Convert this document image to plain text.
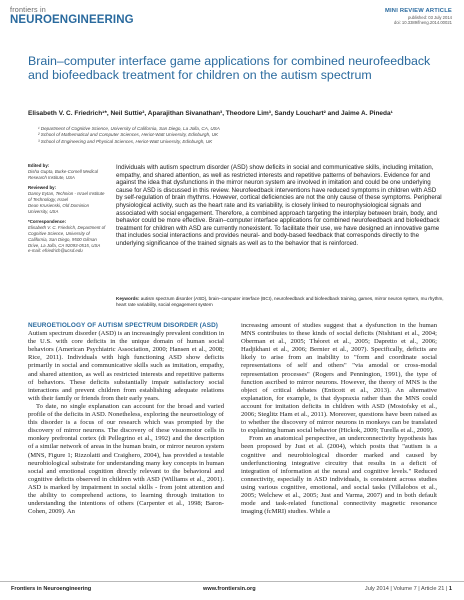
frontiers in
NEUROENGINEERING
MINI REVIEW ARTICLE
published: 03 July 2014
doi: 10.3389/fneng.2014.00021
Brain–computer interface game applications for combined neurofeedback and biofeedback treatment for children on the autism spectrum
Elisabeth V. C. Friedrich¹*, Neil Suttie², Aparajithan Sivanathan³, Theodore Lim³, Sandy Louchart² and Jaime A. Pineda¹
¹ Department of Cognitive Science, University of California, San Diego, La Jolla, CA, USA
² School of Mathematical and Computer Sciences, Heriot-Watt University, Edinburgh, UK
³ School of Engineering and Physical Sciences, Heriot-Watt University, Edinburgh, UK
Edited by:
Disha Gupta, Burke-Cornell Medical Research Institute, USA
Reviewed by:
Danny Eytan, Technion - Israel Institute of Technology, Israel
Dean Krusienski, Old Dominion University, USA
*Correspondence:
Elisabeth V. C. Friedrich, Department of Cognitive Science, University of California, San Diego, 9500 Gilman Drive, La Jolla, CA 92093-0515, USA
e-mail: efriedrich@ucsd.edu

Individuals with autism spectrum disorder (ASD) show deficits in social and communicative skills, including imitation, empathy, and shared attention, as well as restricted interests and repetitive patterns of behaviors. Evidence for and against the idea that dysfunctions in the mirror neuron system are involved in imitation and could be one underlying cause for ASD is discussed in this review. Neurofeedback interventions have reduced symptoms in children with ASD by self-regulation of brain rhythms. However, cortical deficiencies are not the only cause of these symptoms. Peripheral physiological activity, such as the heart rate and its variability, is closely linked to neurophysiological signals and associated with social engagement. Therefore, a combined approach targeting the interplay between brain, body, and behavior could be more effective. Brain–computer interface applications for combined neurofeedback and biofeedback treatment for children with ASD are currently nonexistent. To facilitate their use, we have designed an innovative game that includes social interactions and provides neural- and body-based feedback that corresponds directly to the underlying significance of the trained signals as well as to the behavior that is reinforced.

Keywords: autism spectrum disorder (ASD), brain–computer interface (BCI), neurofeedback and biofeedback training, games, mirror neuron system, mu rhythm, heart rate variability, social engagement system
NEUROETIOLOGY OF AUTISM SPECTRUM DISORDER (ASD)

Autism spectrum disorder (ASD) is an increasingly prevalent condition in the U.S. with core deficits in the unique domain of human social behaviors (American Psychiatric Association, 2000; Hansen et al., 2008; Rice, 2011). Individuals with high functioning ASD show deficits primarily in social and communicative skills such as imitation, empathy, and shared attention, as well as restricted interests and repetitive patterns of behaviors. These deficits substantially impair satisfactory social interactions and prevent children from establishing adequate relations with their family or friends from their early years.

To date, no single explanation can account for the broad and varied profile of the deficits in ASD. Nonetheless, exploring the neuroetiology of this disorder is a focus of our research which was prompted by the discovery of mirror neurons. The discovery of these visuomotor cells in monkey prefrontal cortex (di Pellegrino et al., 1992) and the description of a similar network of areas in the human brain, or mirror neuron system (MNS, Figure 1; Rizzolatti and Craighero, 2004), has provided a testable neurobiological substrate for understanding many key concepts in human social and emotional cognition directly relevant to the behavioral and cognitive deficits observed in children with ASD (Williams et al., 2001). ASD is marked by impairment in social skills - from joint attention and the ability to comprehend actions, to learning through imitation to understanding the intentions of others (Carpenter et al., 1998; Baron-Cohen, 2009). An

increasing amount of studies suggest that a dysfunction in the human MNS contributes to these kinds of social deficits (Nishitani et al., 2004; Oberman et al., 2005; Théoret et al., 2005; Dapretto et al., 2006; Hadjikhani et al., 2006; Bernier et al., 2007). Specifically, deficits are likely to arise from an inability to "form and coordinate social representations of self and others" "via amodal or cross-modal representation processes" (Rogers and Pennington, 1991), the type of function ascribed to mirror neurons. However, the theory of MNS is the object of critical debates (Enticott et al., 2013). An alternative explanation, for example, is that dyspraxia rather than the MNS could account for imitation deficits in children with ASD (Mostofsky et al., 2006; Steglitz Ham et al., 2011). Moreover, questions have been raised as to whether the discovery of mirror neurons in monkeys can be translated to explaining human social behavior (Hickok, 2009; Turella et al., 2009).

From an anatomical perspective, an underconnectivity hypothesis has been proposed by Just et al. (2004), which posits that "autism is a cognitive and neurobiological disorder marked and caused by underfunctioning integrative circuitry that results in a deficit of integration of information at the neural and cognitive levels." Reduced connectivity, especially in ASD individuals, is consistent across studies using various cognitive, emotional, and social tasks (Villalobos et al., 2005; Welchew et al., 2005; Just and Varma, 2007) and in both default mode and task-related functional connectivity magnetic resonance imaging (fcMRI) studies. While a

Frontiers in Neuroengineering	www.frontiersin.org	July 2014 | Volume 7 | Article 21 | 1
